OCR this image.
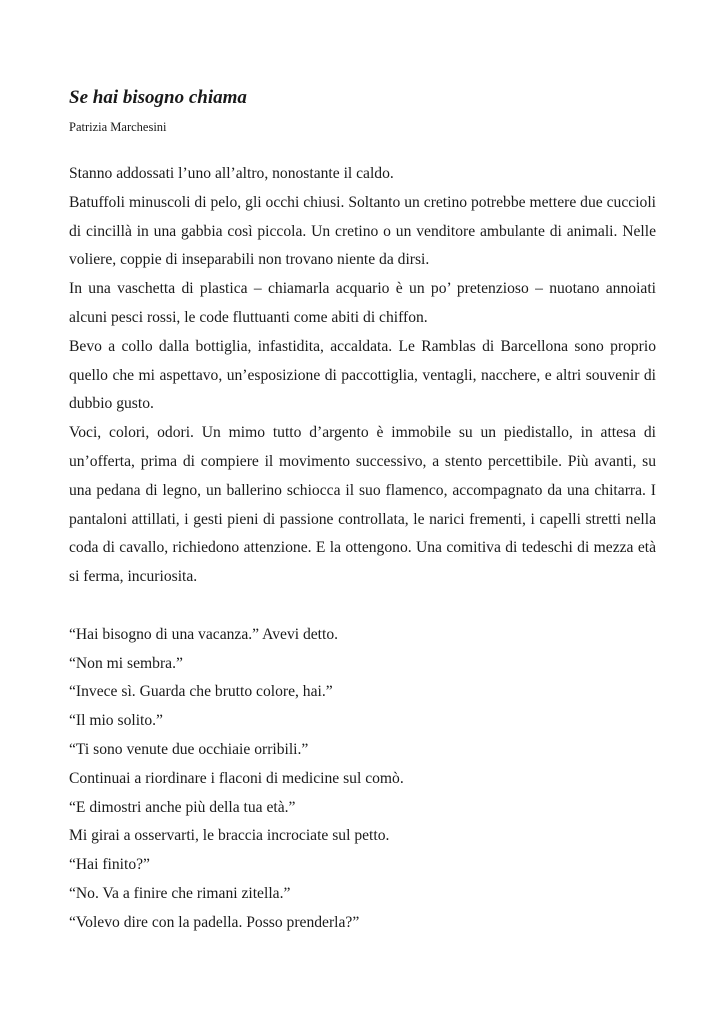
Se hai bisogno chiama

Patrizia Marchesini

Stanno addossati l’uno all’altro, nonostante il caldo.

Batuffoli minuscoli di pelo, gli occhi chiusi. Soltanto un cretino potrebbe mettere due cuccioli di cincillà in una gabbia così piccola. Un cretino o un venditore ambulante di animali. Nelle voliere, coppie di inseparabili non trovano niente da dirsi.

In una vaschetta di plastica – chiamarla acquario è un po’ pretenzioso – nuotano annoiati alcuni pesci rossi, le code fluttuanti come abiti di chiffon.

Bevo a collo dalla bottiglia, infastidita, accaldata. Le Ramblas di Barcellona sono proprio quello che mi aspettavo, un’esposizione di paccottiglia, ventagli, nacchere, e altri souvenir di dubbio gusto.

Voci, colori, odori. Un mimo tutto d’argento è immobile su un piedistallo, in attesa di un’offerta, prima di compiere il movimento successivo, a stento percettibile. Più avanti, su una pedana di legno, un ballerino schiocca il suo flamenco, accompagnato da una chitarra. I pantaloni attillati, i gesti pieni di passione controllata, le narici frementi, i capelli stretti nella coda di cavallo, richiedono attenzione. E la ottengono. Una comitiva di tedeschi di mezza età si ferma, incuriosita.

“Hai bisogno di una vacanza.” Avevi detto.

“Non mi sembra.”

“Invece sì. Guarda che brutto colore, hai.”

“Il mio solito.”

“Ti sono venute due occhiaie orribili.”

Continuai a riordinare i flaconi di medicine sul comò.

“E dimostri anche più della tua età.”

Mi girai a osservarti, le braccia incrociate sul petto.

“Hai finito?”

“No. Va a finire che rimani zitella.”

“Volevo dire con la padella. Posso prenderla?”
